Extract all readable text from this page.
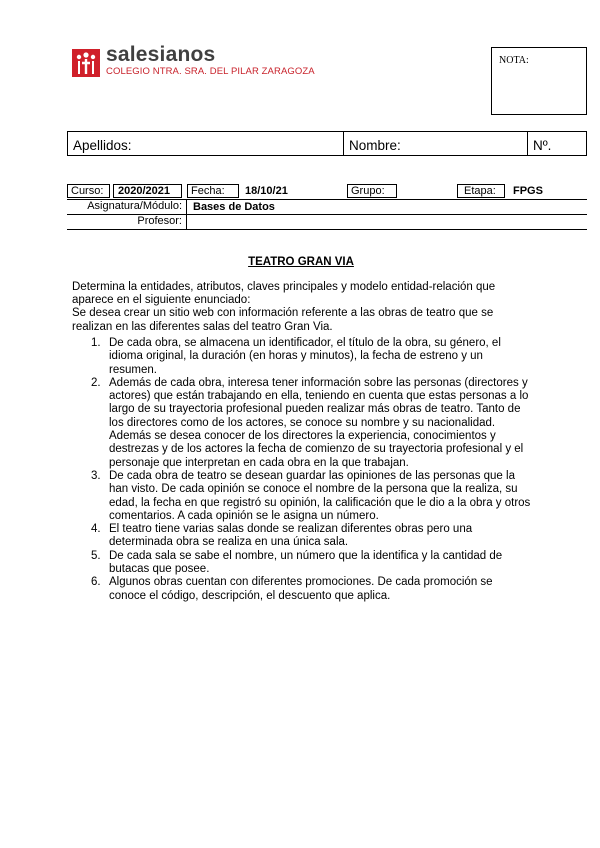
salesianos
COLEGIO NTRA. SRA. DEL PILAR ZARAGOZA
NOTA:
Apellidos:	Nombre:	Nº.
Curso:	2020/2021	Fecha:	18/10/21	Grupo:	Etapa:	FPGS
Asignatura/Módulo:	Bases de Datos
Profesor:
TEATRO GRAN VIA
Determina la entidades, atributos, claves principales y modelo entidad-relación que aparece en el siguiente enunciado:
Se desea crear un sitio web con información referente a las obras de teatro que se realizan en las diferentes salas del teatro Gran Via.
1. De cada obra, se almacena un identificador, el título de la obra, su género, el idioma original, la duración (en horas y minutos), la fecha de estreno y un resumen.
2. Además de cada obra, interesa tener información sobre las personas (directores y actores) que están trabajando en ella, teniendo en cuenta que estas personas a lo largo de su trayectoria profesional pueden realizar más obras de teatro. Tanto de los directores como de los actores, se conoce su nombre y su nacionalidad. Además se desea conocer de los directores la experiencia, conocimientos y destrezas y de los actores la fecha de comienzo de su trayectoria profesional y el personaje que interpretan en cada obra en la que trabajan.
3. De cada obra de teatro se desean guardar las opiniones de las personas que la han visto. De cada opinión se conoce el nombre de la persona que la realiza, su edad, la fecha en que registró su opinión, la calificación que le dio a la obra y otros comentarios. A cada opinión se le asigna un número.
4. El teatro tiene varias salas donde se realizan diferentes obras pero una determinada obra se realiza en una única sala.
5. De cada sala se sabe el nombre, un número que la identifica y la cantidad de butacas que posee.
6. Algunos obras cuentan con diferentes promociones. De cada promoción se conoce el código, descripción, el descuento que aplica.
